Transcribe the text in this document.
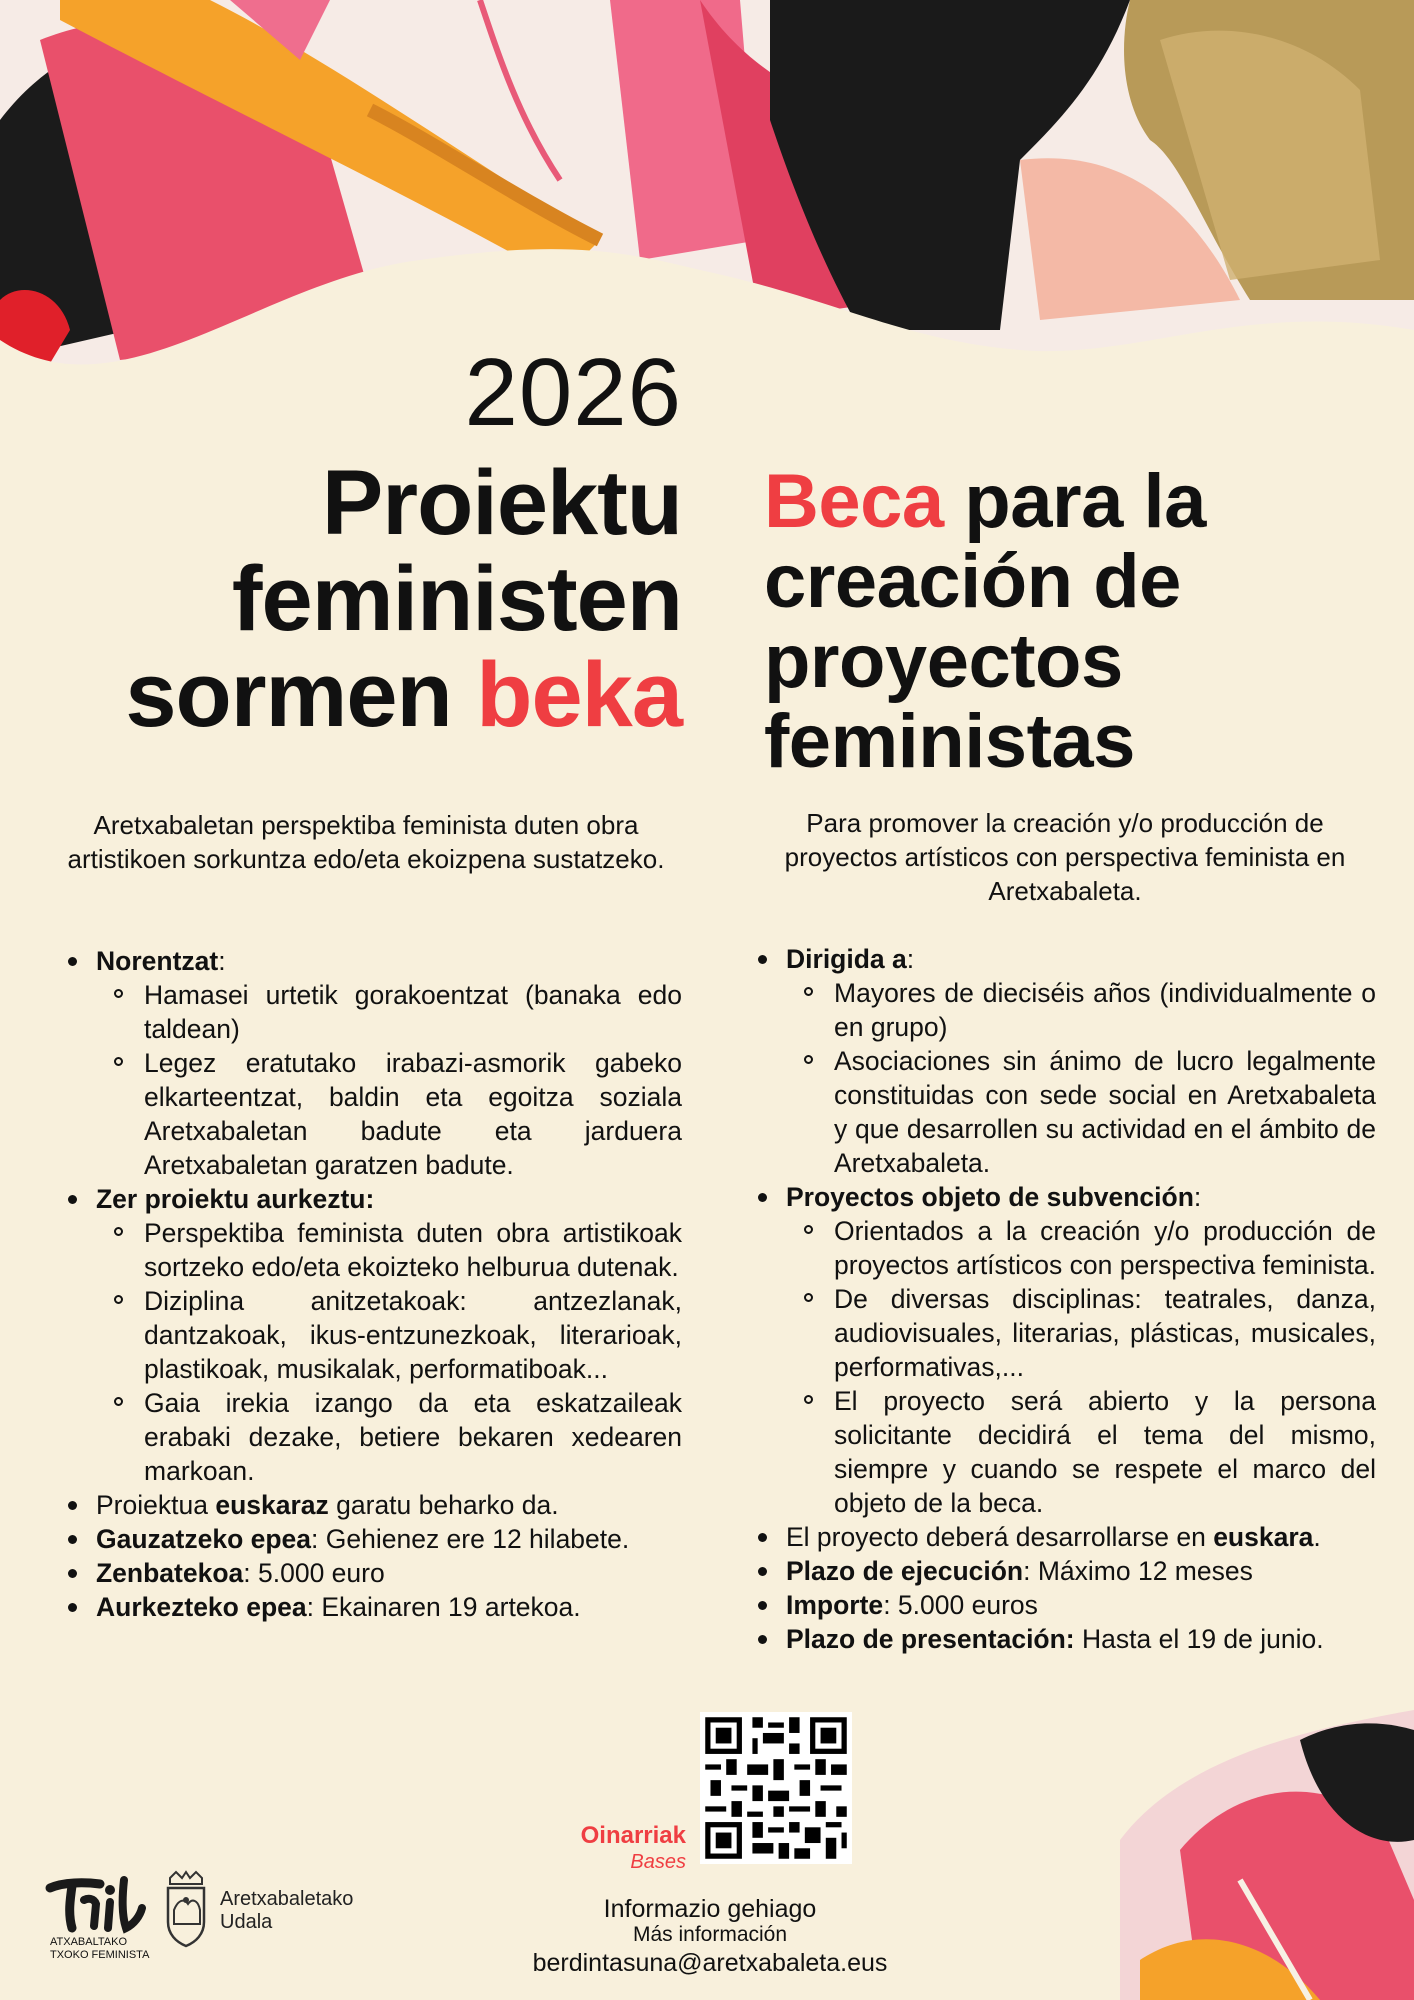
2026
Proiektu
feministen
sormen beka
Beca para la
creación de
proyectos
feministas
Aretxabaletan perspektiba feminista duten obra artistikoen sorkuntza edo/eta ekoizpena sustatzeko.
Para promover la creación y/o producción de proyectos artísticos con perspectiva feminista en Aretxabaleta.
Norentzat:
Hamasei urtetik gorakoentzat (banaka edo taldean)
Legez eratutako irabazi-asmorik gabeko elkarteentzat, baldin eta egoitza soziala Aretxabaletan badute eta jarduera Aretxabaletan garatzen badute.
Zer proiektu aurkeztu:
Perspektiba feminista duten obra artistikoak sortzeko edo/eta ekoizteko helburua dutenak.
Diziplina anitzetakoak: antzezlanak, dantzakoak, ikus-entzunezkoak, literarioak, plastikoak, musikalak, performatiboak...
Gaia irekia izango da eta eskatzaileak erabaki dezake, betiere bekaren xedearen markoan.
Proiektua euskaraz garatu beharko da.
Gauzatzeko epea: Gehienez ere 12 hilabete.
Zenbatekoa: 5.000 euro
Aurkezteko epea: Ekainaren 19 artekoa.
Dirigida a:
Mayores de dieciséis años (individualmente o en grupo)
Asociaciones sin ánimo de lucro legalmente constituidas con sede social en Aretxabaleta y que desarrollen su actividad en el ámbito de Aretxabaleta.
Proyectos objeto de subvención:
Orientados a la creación y/o producción de proyectos artísticos con perspectiva feminista.
De diversas disciplinas: teatrales, danza, audiovisuales, literarias, plásticas, musicales, performativas,...
El proyecto será abierto y la persona solicitante decidirá el tema del mismo, siempre y cuando se respete el marco del objeto de la beca.
El proyecto deberá desarrollarse en euskara.
Plazo de ejecución: Máximo 12 meses
Importe: 5.000 euros
Plazo de presentación: Hasta el 19 de junio.
Oinarriak
Bases
Informazio gehiago
Más información
berdintasuna@aretxabaleta.eus
ATXABALTAKO
TXOKO FEMINISTA
Aretxabaletako
Udala
